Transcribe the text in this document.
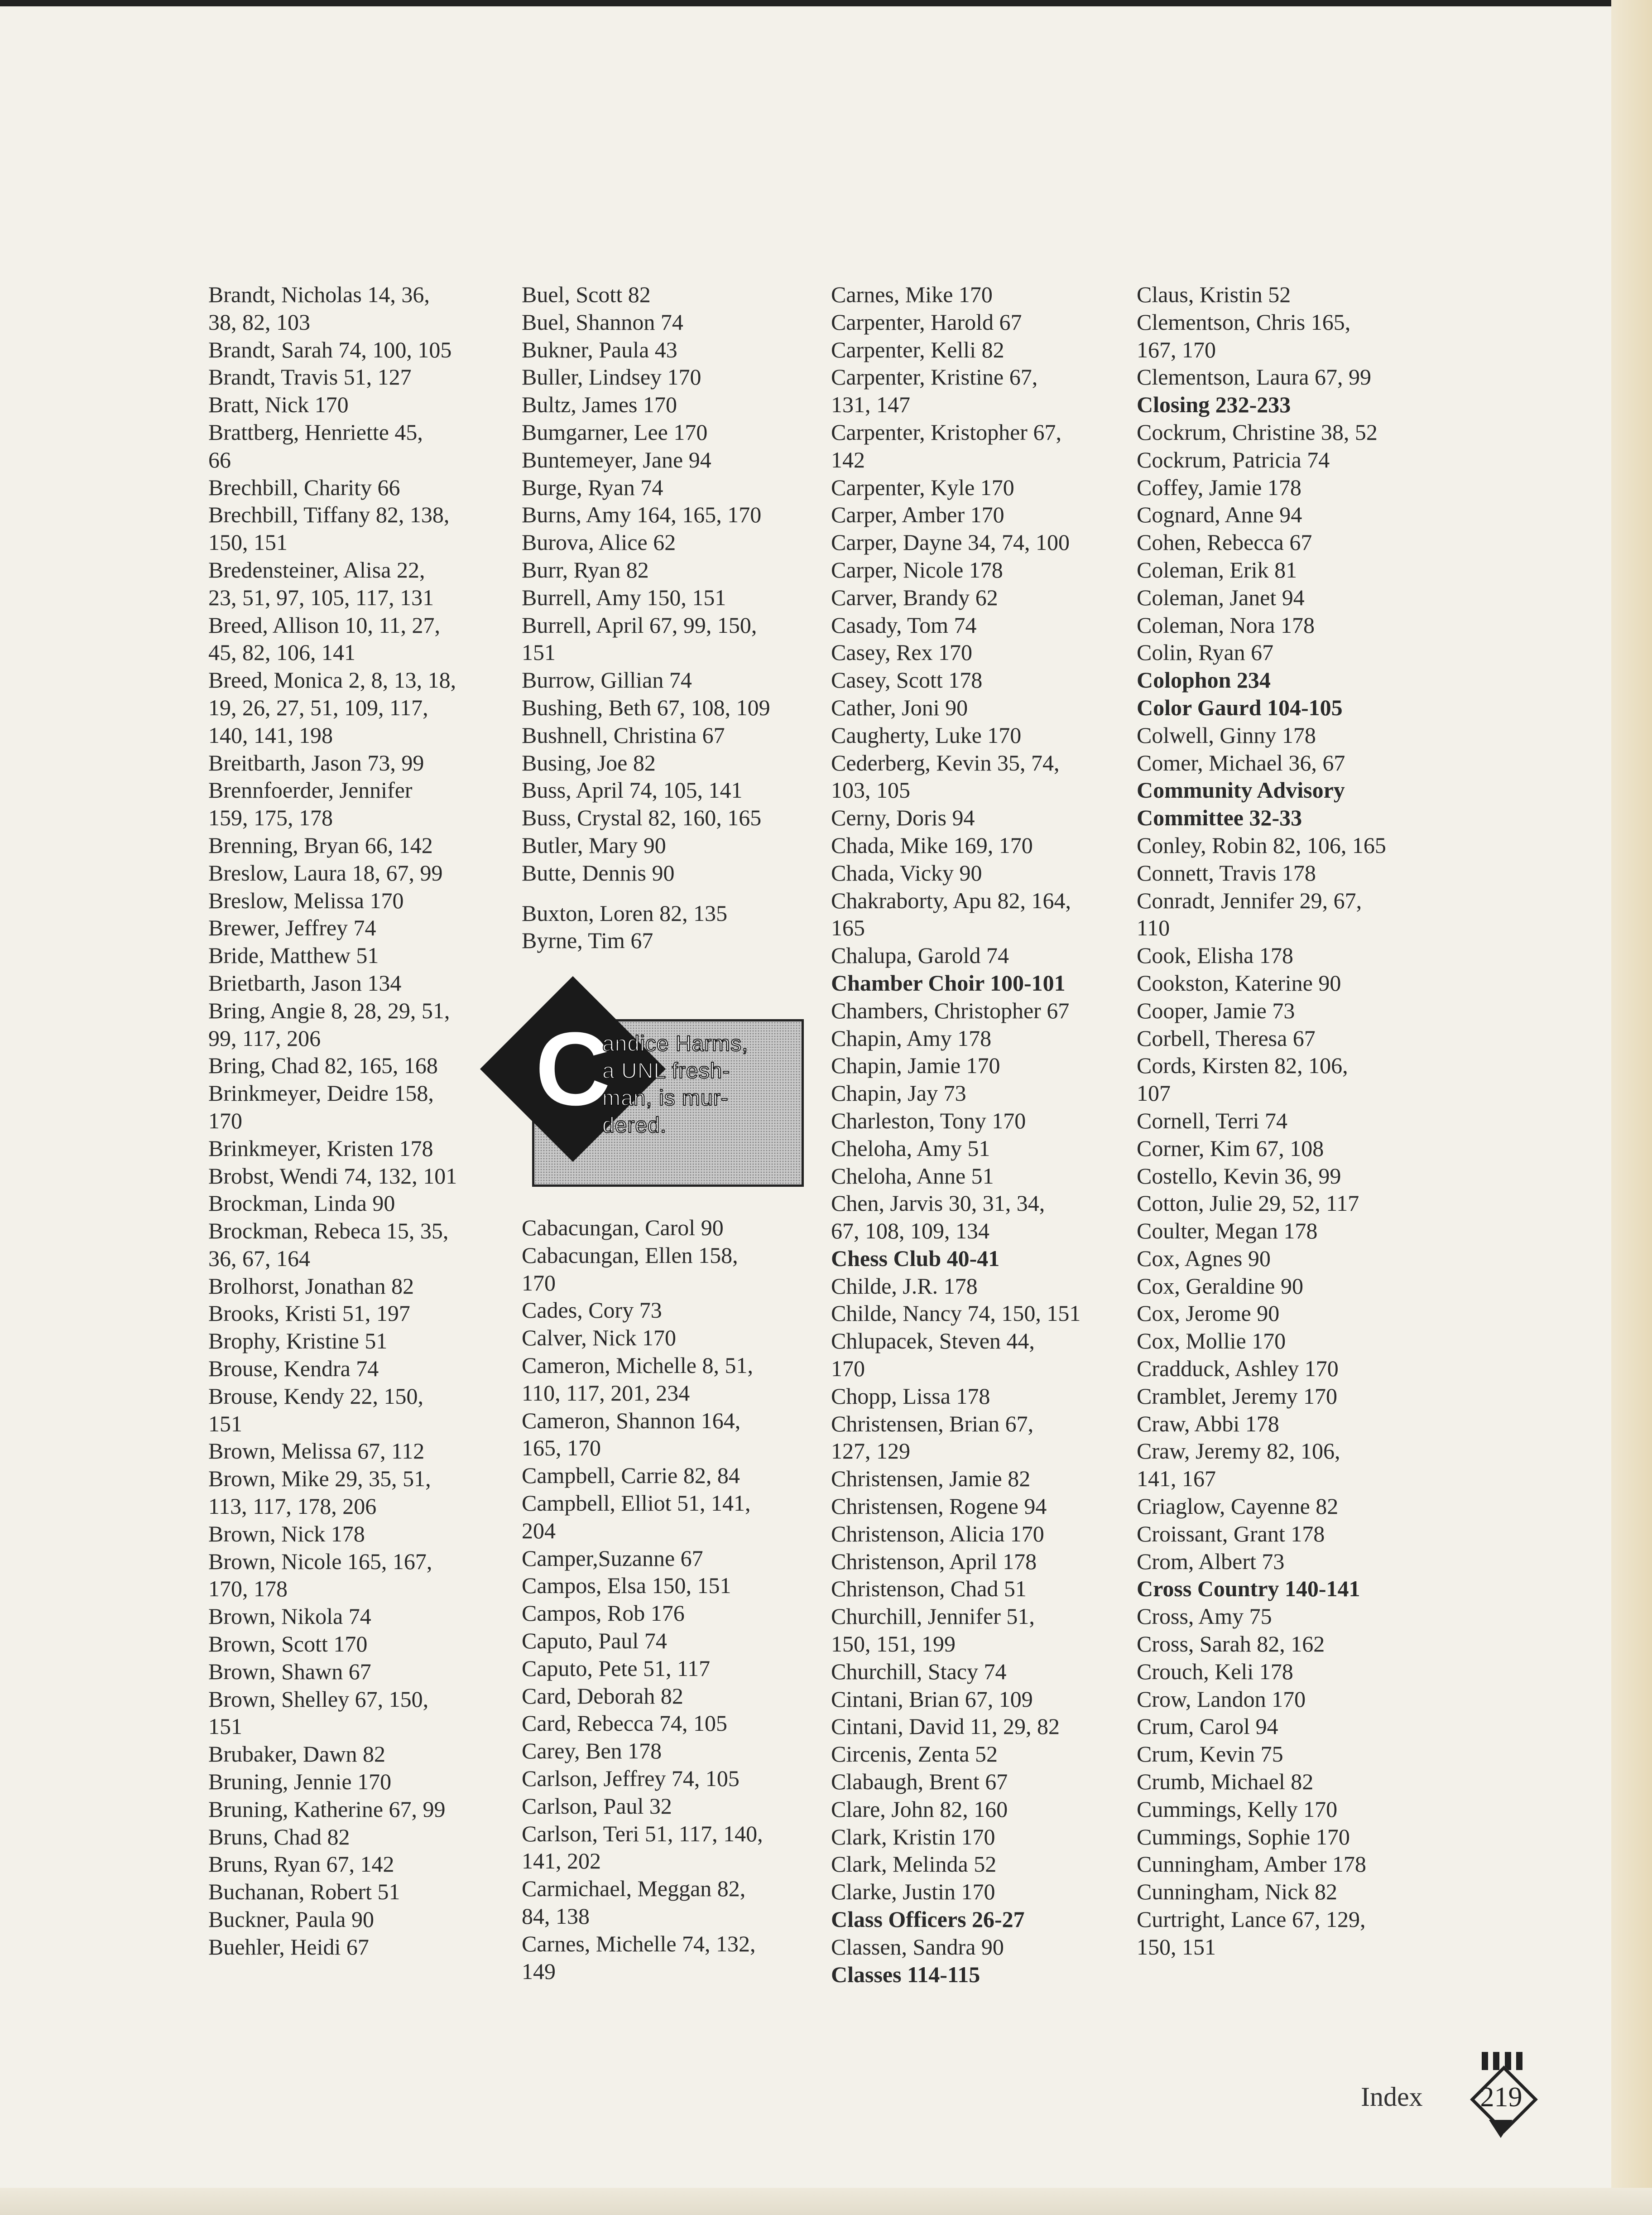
Brandt, Nicholas 14, 36,
38, 82, 103
Brandt, Sarah 74, 100, 105
Brandt, Travis 51, 127
Bratt, Nick 170
Brattberg, Henriette 45,
66
Brechbill, Charity 66
Brechbill, Tiffany 82, 138,
150, 151
Bredensteiner, Alisa 22,
23, 51, 97, 105, 117, 131
Breed, Allison 10, 11, 27,
45, 82, 106, 141
Breed, Monica 2, 8, 13, 18,
19, 26, 27, 51, 109, 117,
140, 141, 198
Breitbarth, Jason 73, 99
Brennfoerder, Jennifer
159, 175, 178
Brenning, Bryan 66, 142
Breslow, Laura 18, 67, 99
Breslow, Melissa 170
Brewer, Jeffrey 74
Bride, Matthew 51
Brietbarth, Jason 134
Bring, Angie 8, 28, 29, 51,
99, 117, 206
Bring, Chad 82, 165, 168
Brinkmeyer, Deidre 158,
170
Brinkmeyer, Kristen 178
Brobst, Wendi 74, 132, 101
Brockman, Linda 90
Brockman, Rebeca 15, 35,
36, 67, 164
Brolhorst, Jonathan 82
Brooks, Kristi 51, 197
Brophy, Kristine 51
Brouse, Kendra 74
Brouse, Kendy 22, 150,
151
Brown, Melissa 67, 112
Brown, Mike 29, 35, 51,
113, 117, 178, 206
Brown, Nick 178
Brown, Nicole 165, 167,
170, 178
Brown, Nikola 74
Brown, Scott 170
Brown, Shawn 67
Brown, Shelley 67, 150,
151
Brubaker, Dawn 82
Bruning, Jennie 170
Bruning, Katherine 67, 99
Bruns, Chad 82
Bruns, Ryan 67, 142
Buchanan, Robert 51
Buckner, Paula 90
Buehler, Heidi 67
Buel, Scott 82
Buel, Shannon 74
Bukner, Paula 43
Buller, Lindsey 170
Bultz, James 170
Bumgarner, Lee 170
Buntemeyer, Jane 94
Burge, Ryan 74
Burns, Amy 164, 165, 170
Burova, Alice 62
Burr, Ryan 82
Burrell, Amy 150, 151
Burrell, April 67, 99, 150,
151
Burrow, Gillian 74
Bushing, Beth 67, 108, 109
Bushnell, Christina 67
Busing, Joe 82
Buss, April 74, 105, 141
Buss, Crystal 82, 160, 165
Butler, Mary 90
Butte, Dennis 90
Buxton, Loren 82, 135
Byrne, Tim 67
Carnes, Mike 170
Carpenter, Harold 67
Carpenter, Kelli 82
Carpenter, Kristine 67,
131, 147
Carpenter, Kristopher 67,
142
Carpenter, Kyle 170
Carper, Amber 170
Carper, Dayne 34, 74, 100
Carper, Nicole 178
Carver, Brandy 62
Casady, Tom 74
Casey, Rex 170
Casey, Scott 178
Cather, Joni 90
Caugherty, Luke 170
Cederberg, Kevin 35, 74,
103, 105
Cerny, Doris 94
Chada, Mike 169, 170
Chada, Vicky 90
Chakraborty, Apu 82, 164,
165
Chalupa, Garold 74
Chamber Choir 100-101
Chambers, Christopher 67
Chapin, Amy 178
Chapin, Jamie 170
Chapin, Jay 73
Charleston, Tony 170
Cheloha, Amy 51
Cheloha, Anne 51
Chen, Jarvis 30, 31, 34,
67, 108, 109, 134
Chess Club 40-41
Childe, J.R. 178
Childe, Nancy 74, 150, 151
Chlupacek, Steven 44,
170
Chopp, Lissa 178
Christensen, Brian 67,
127, 129
Christensen, Jamie 82
Christensen, Rogene 94
Christenson, Alicia 170
Christenson, April 178
Christenson, Chad 51
Churchill, Jennifer 51,
150, 151, 199
Churchill, Stacy 74
Cintani, Brian 67, 109
Cintani, David 11, 29, 82
Circenis, Zenta 52
Clabaugh, Brent 67
Clare, John 82, 160
Clark, Kristin 170
Clark, Melinda 52
Clarke, Justin 170
Class Officers 26-27
Classen, Sandra 90
Classes 114-115
Claus, Kristin 52
Clementson, Chris 165,
167, 170
Clementson, Laura 67, 99
Closing 232-233
Cockrum, Christine 38, 52
Cockrum, Patricia 74
Coffey, Jamie 178
Cognard, Anne 94
Cohen, Rebecca 67
Coleman, Erik 81
Coleman, Janet 94
Coleman, Nora 178
Colin, Ryan 67
Colophon 234
Color Gaurd 104-105
Colwell, Ginny 178
Comer, Michael 36, 67
Community Advisory
Committee 32-33
Conley, Robin 82, 106, 165
Connett, Travis 178
Conradt, Jennifer 29, 67,
110
Cook, Elisha 178
Cookston, Katerine 90
Cooper, Jamie 73
Corbell, Theresa 67
Cords, Kirsten 82, 106,
107
Cornell, Terri 74
Corner, Kim 67, 108
Costello, Kevin 36, 99
Cotton, Julie 29, 52, 117
Coulter, Megan 178
Cox, Agnes 90
Cox, Geraldine 90
Cox, Jerome 90
Cox, Mollie 170
Cradduck, Ashley 170
Cramblet, Jeremy 170
Craw, Abbi 178
Craw, Jeremy 82, 106,
141, 167
Criaglow, Cayenne 82
Croissant, Grant 178
Crom, Albert 73
Cross Country 140-141
Cross, Amy 75
Cross, Sarah 82, 162
Crouch, Keli 178
Crow, Landon 170
Crum, Carol 94
Crum, Kevin 75
Crumb, Michael 82
Cummings, Kelly 170
Cummings, Sophie 170
Cunningham, Amber 178
Cunningham, Nick 82
Curtright, Lance 67, 129,
150, 151
C
andice Harms,
a UNL fresh-
man, is mur-
dered.
Cabacungan, Carol 90
Cabacungan, Ellen 158,
170
Cades, Cory 73
Calver, Nick 170
Cameron, Michelle 8, 51,
110, 117, 201, 234
Cameron, Shannon 164,
165, 170
Campbell, Carrie 82, 84
Campbell, Elliot 51, 141,
204
Camper,Suzanne 67
Campos, Elsa 150, 151
Campos, Rob 176
Caputo, Paul 74
Caputo, Pete 51, 117
Card, Deborah 82
Card, Rebecca 74, 105
Carey, Ben 178
Carlson, Jeffrey 74, 105
Carlson, Paul 32
Carlson, Teri 51, 117, 140,
141, 202
Carmichael, Meggan 82,
84, 138
Carnes, Michelle 74, 132,
149
Index	219
